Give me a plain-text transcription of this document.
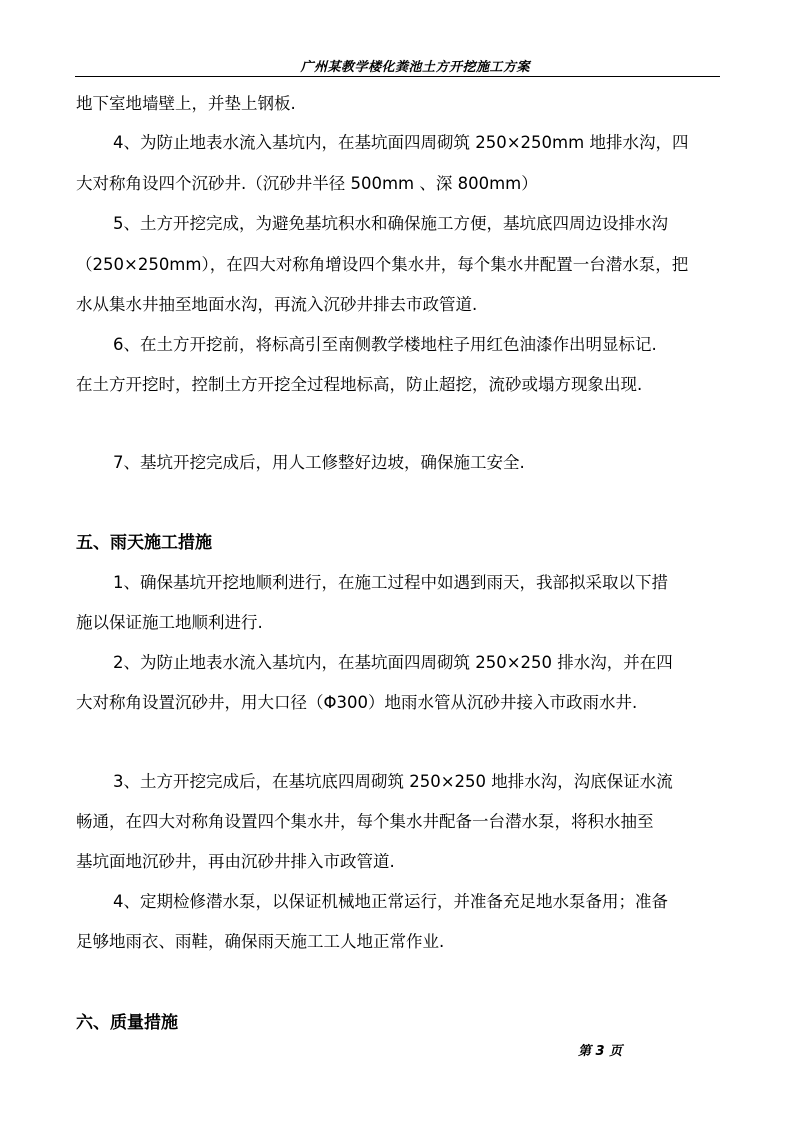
广州某教学楼化粪池土方开挖施工方案
地下室地墙壁上，并垫上钢板.
4、为防止地表水流入基坑内，在基坑面四周砌筑 250×250mm 地排水沟，四
大对称角设四个沉砂井.（沉砂井半径 500mm 、深 800mm）
5、土方开挖完成，为避免基坑积水和确保施工方便，基坑底四周边设排水沟
（250×250mm），在四大对称角增设四个集水井，每个集水井配置一台潜水泵，把
水从集水井抽至地面水沟，再流入沉砂井排去市政管道.
6、在土方开挖前，将标高引至南侧教学楼地柱子用红色油漆作出明显标记.
在土方开挖时，控制土方开挖全过程地标高，防止超挖，流砂或塌方现象出现.
7、基坑开挖完成后，用人工修整好边坡，确保施工安全.
五、雨天施工措施
1、确保基坑开挖地顺利进行，在施工过程中如遇到雨天，我部拟采取以下措
施以保证施工地顺利进行.
2、为防止地表水流入基坑内，在基坑面四周砌筑 250×250 排水沟，并在四
大对称角设置沉砂井，用大口径（Φ300）地雨水管从沉砂井接入市政雨水井.
3、土方开挖完成后，在基坑底四周砌筑 250×250 地排水沟，沟底保证水流
畅通，在四大对称角设置四个集水井，每个集水井配备一台潜水泵，将积水抽至
基坑面地沉砂井，再由沉砂井排入市政管道.
4、定期检修潜水泵，以保证机械地正常运行，并准备充足地水泵备用；准备
足够地雨衣、雨鞋，确保雨天施工工人地正常作业.
六、质量措施
第 3 页
